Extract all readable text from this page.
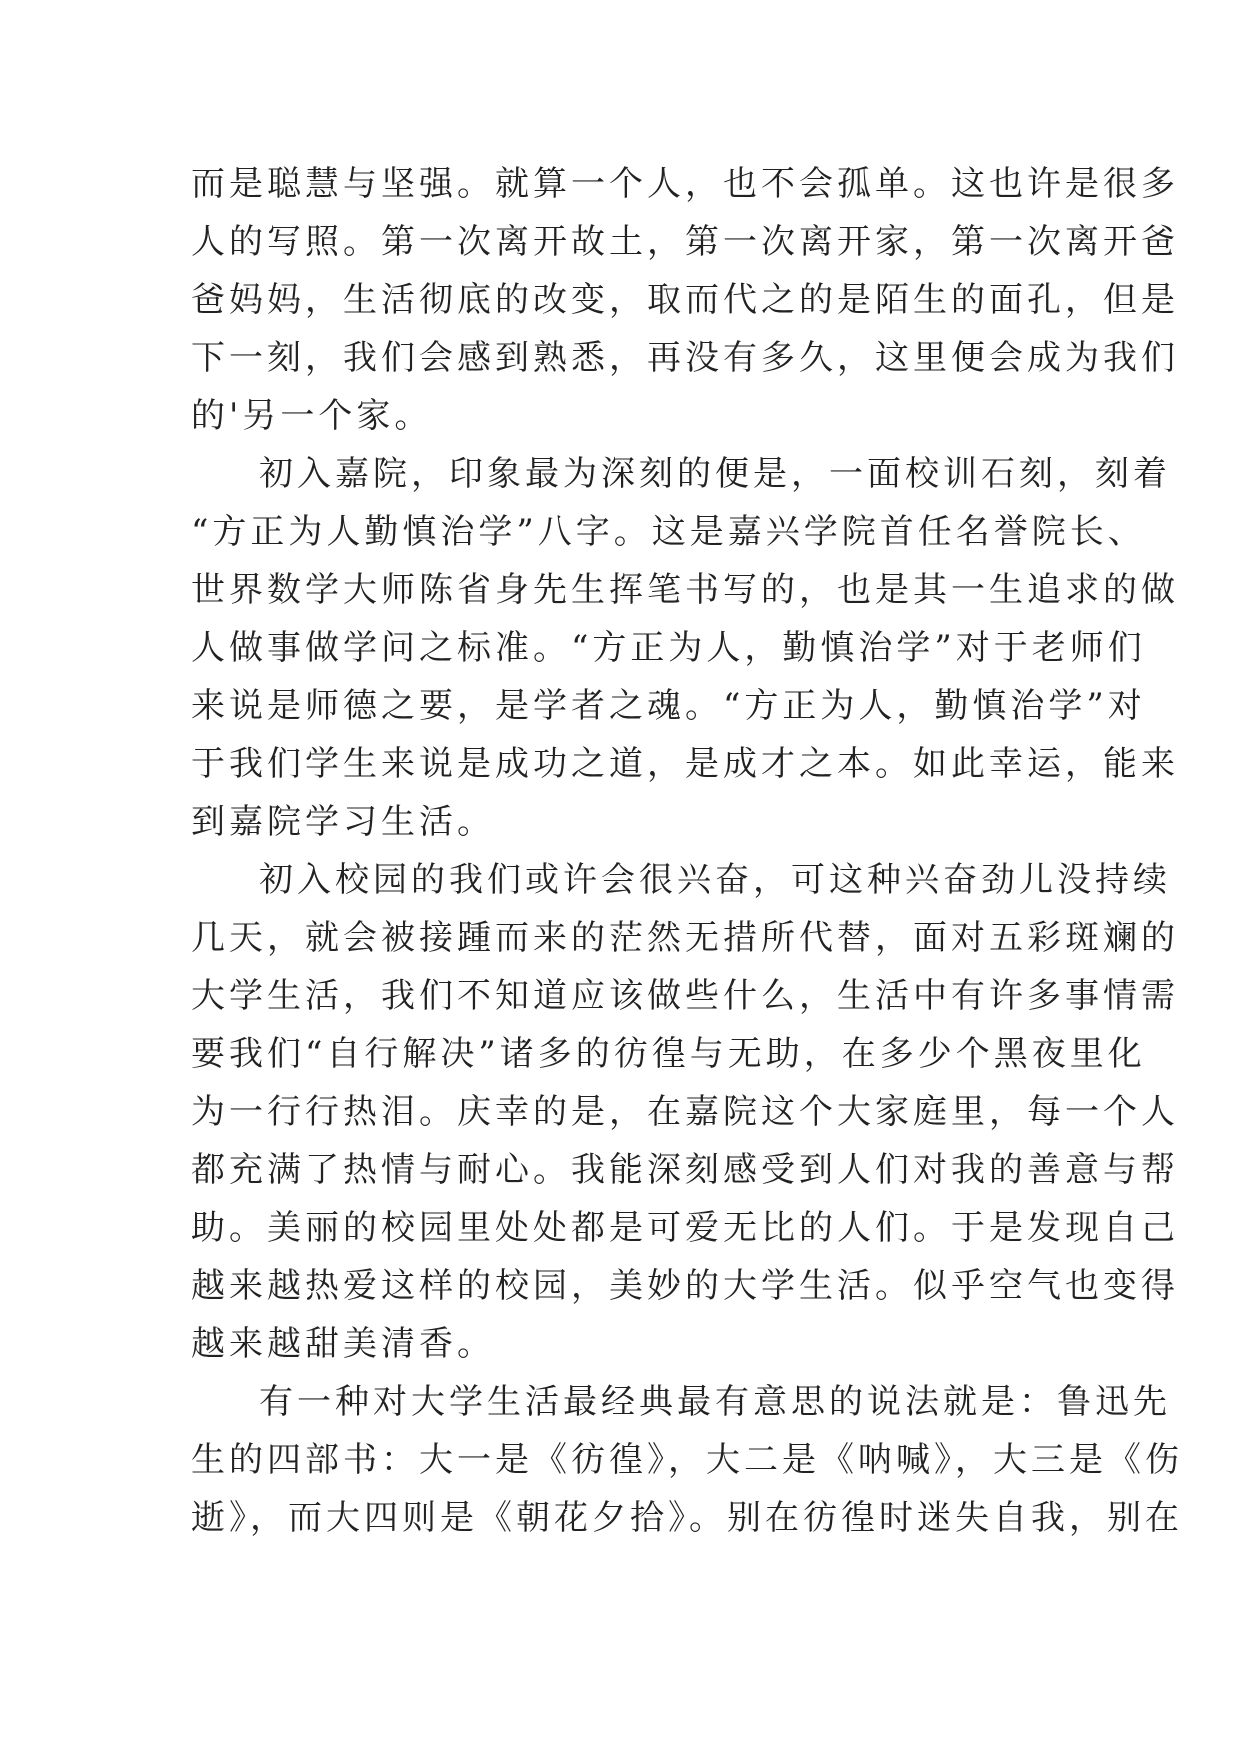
而是聪慧与坚强。就算一个人，也不会孤单。这也许是很多
人的写照。第一次离开故土，第一次离开家，第一次离开爸
爸妈妈，生活彻底的改变，取而代之的是陌生的面孔，但是
下一刻，我们会感到熟悉，再没有多久，这里便会成为我们
的'另一个家。
初入嘉院，印象最为深刻的便是，一面校训石刻，刻着
“方正为人勤慎治学”八字。这是嘉兴学院首任名誉院长、
世界数学大师陈省身先生挥笔书写的，也是其一生追求的做
人做事做学问之标准。“方正为人，勤慎治学”对于老师们
来说是师德之要，是学者之魂。“方正为人，勤慎治学”对
于我们学生来说是成功之道，是成才之本。如此幸运，能来
到嘉院学习生活。
初入校园的我们或许会很兴奋，可这种兴奋劲儿没持续
几天，就会被接踵而来的茫然无措所代替，面对五彩斑斓的
大学生活，我们不知道应该做些什么，生活中有许多事情需
要我们“自行解决”诸多的彷徨与无助，在多少个黑夜里化
为一行行热泪。庆幸的是，在嘉院这个大家庭里，每一个人
都充满了热情与耐心。我能深刻感受到人们对我的善意与帮
助。美丽的校园里处处都是可爱无比的人们。于是发现自己
越来越热爱这样的校园，美妙的大学生活。似乎空气也变得
越来越甜美清香。
有一种对大学生活最经典最有意思的说法就是：鲁迅先
生的四部书：大一是《彷徨》，大二是《呐喊》，大三是《伤
逝》，而大四则是《朝花夕拾》。别在彷徨时迷失自我，别在
